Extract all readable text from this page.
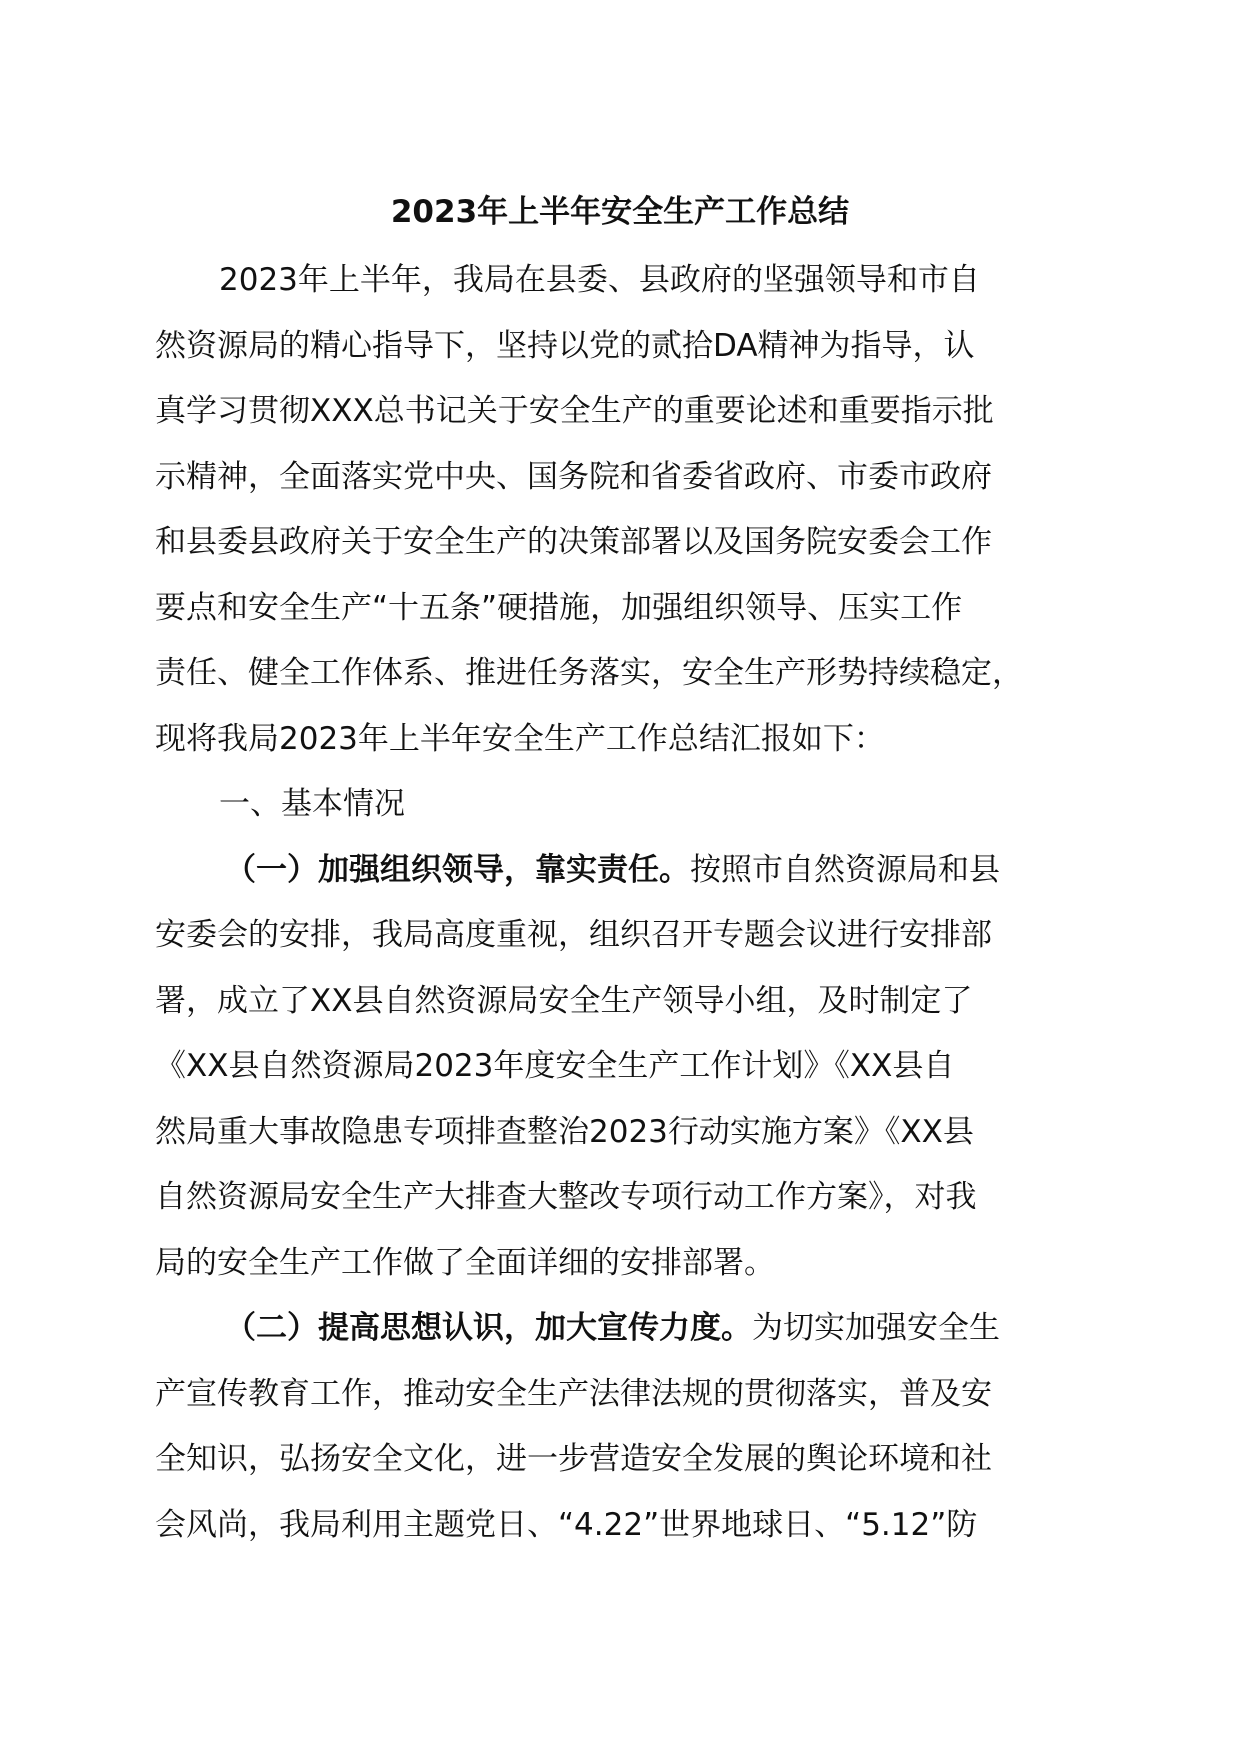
2023年上半年安全生产工作总结
2023年上半年，我局在县委、县政府的坚强领导和市自
然资源局的精心指导下，坚持以党的贰拾DA精神为指导，认
真学习贯彻XXX总书记关于安全生产的重要论述和重要指示批
示精神，全面落实党中央、国务院和省委省政府、市委市政府
和县委县政府关于安全生产的决策部署以及国务院安委会工作
要点和安全生产“十五条”硬措施，加强组织领导、压实工作
责任、健全工作体系、推进任务落实，安全生产形势持续稳定，
现将我局2023年上半年安全生产工作总结汇报如下：
一、基本情况
（一）加强组织领导，靠实责任。按照市自然资源局和县
安委会的安排，我局高度重视，组织召开专题会议进行安排部
署，成立了XX县自然资源局安全生产领导小组，及时制定了
《XX县自然资源局2023年度安全生产工作计划》《XX县自
然局重大事故隐患专项排查整治2023行动实施方案》《XX县
自然资源局安全生产大排查大整改专项行动工作方案》，对我
局的安全生产工作做了全面详细的安排部署。
（二）提高思想认识，加大宣传力度。为切实加强安全生
产宣传教育工作，推动安全生产法律法规的贯彻落实，普及安
全知识，弘扬安全文化，进一步营造安全发展的舆论环境和社
会风尚，我局利用主题党日、“4.22”世界地球日、“5.12”防
